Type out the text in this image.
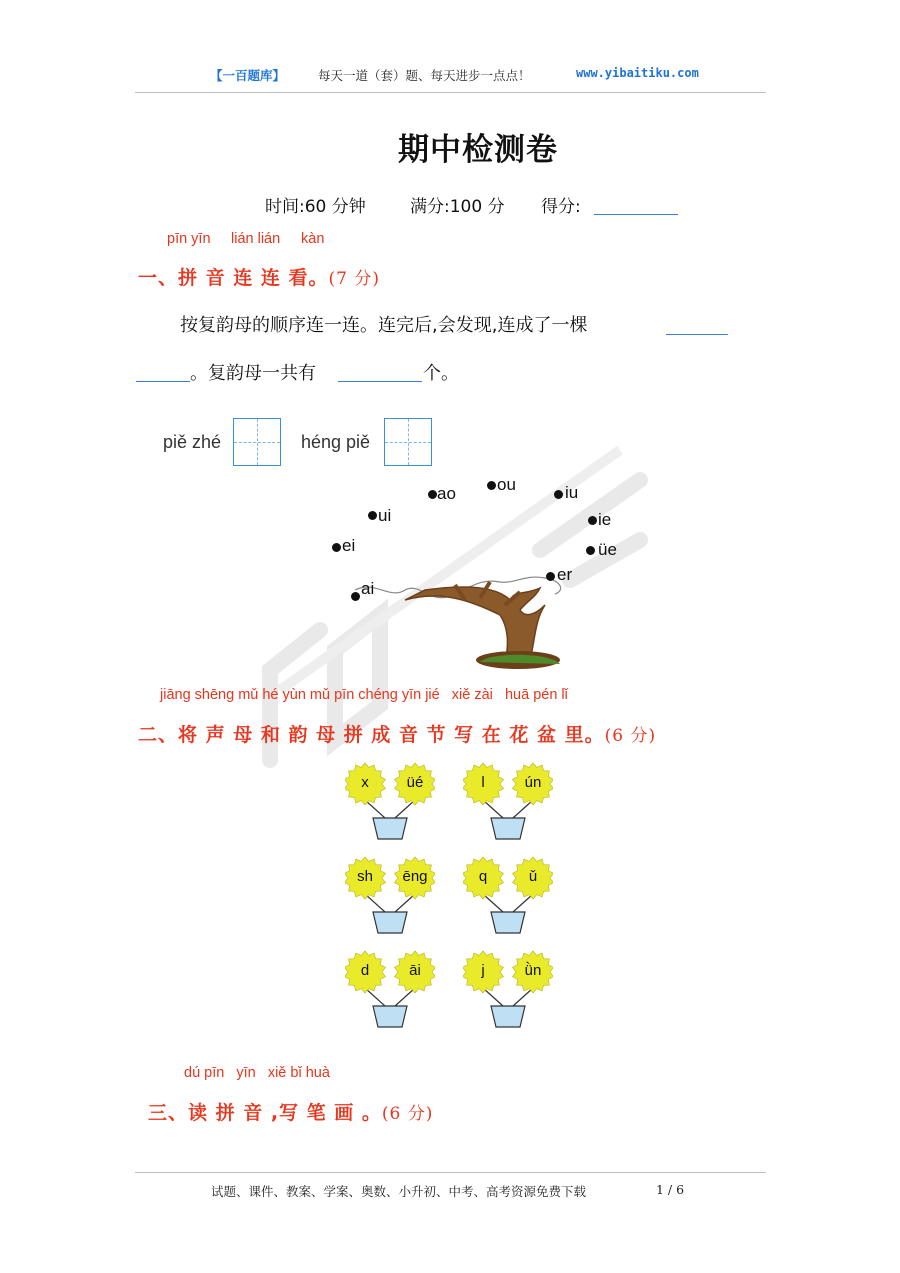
【一百题库】	每天一道（套）题、每天进步一点点！	www.yibaitiku.com
期中检测卷
时间:60 分钟	满分:100 分 得分:
pīn yīn lián lián kàn
一、拼 音 连 连 看。(7 分)
按复韵母的顺序连一连。连完后,会发现,连成了一棵
。复韵母一共有	个。
piě zhé	héng piě
ao ou	iu
ui	ie
ei	üe
er
ai
jiāng shēng mǔ hé yùn mǔ pīn chéng yīn jié   xiě zài   huā pén lǐ
二、将 声 母 和 韵 母 拼 成 音 节 写 在 花 盆 里。(6 分)
x	üé	l	ún
sh	ēng	q	ǔ
d	āi	j	ǜn
dú pīn   yīn   xiě bǐ huà
三、读 拼 音 ,写 笔 画 。(6 分)
试题、课件、教案、学案、奥数、小升初、中考、高考资源免费下载	1 / 6
